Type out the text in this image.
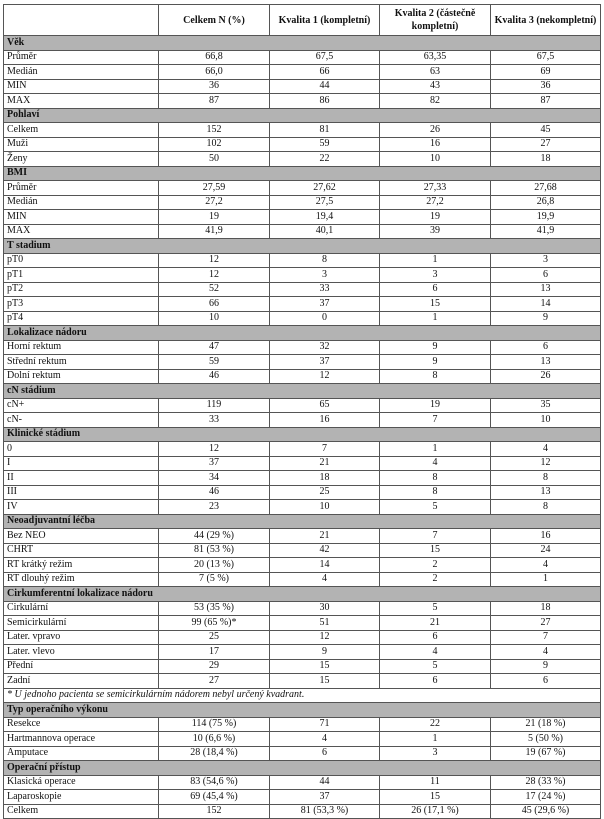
	Celkem N (%)	Kvalita 1 (kompletní)	Kvalita 2 (částečně kompletní)	Kvalita 3 (nekompletní)
Věk				
Průměr	66,8	67,5	63,35	67,5
Medián	66,0	66	63	69
MIN	36	44	43	36
MAX	87	86	82	87
Pohlaví				
Celkem	152	81	26	45
Muži	102	59	16	27
Ženy	50	22	10	18
BMI				
Průměr	27,59	27,62	27,33	27,68
Medián	27,2	27,5	27,2	26,8
MIN	19	19,4	19	19,9
MAX	41,9	40,1	39	41,9
T stadium				
pT0	12	8	1	3
pT1	12	3	3	6
pT2	52	33	6	13
pT3	66	37	15	14
pT4	10	0	1	9
Lokalizace nádoru				
Horní rektum	47	32	9	6
Střední rektum	59	37	9	13
Dolní rektum	46	12	8	26
cN stádium				
cN+	119	65	19	35
cN-	33	16	7	10
Klinické stádium				
0	12	7	1	4
I	37	21	4	12
II	34	18	8	8
III	46	25	8	13
IV	23	10	5	8
Neoadjuvantní léčba				
Bez NEO	44 (29 %)	21	7	16
CHRT	81 (53 %)	42	15	24
RT krátký režim	20 (13 %)	14	2	4
RT dlouhý režim	7 (5 %)	4	2	1
Cirkumferentní lokalizace nádoru				
Cirkulární	53 (35 %)	30	5	18
Semicirkulární	99 (65 %)*	51	21	27
Later. vpravo	25	12	6	7
Later. vlevo	17	9	4	4
Přední	29	15	5	9
Zadní	27	15	6	6
* U jednoho pacienta se semicirkulárním nádorem nebyl určený kvadrant.				
Typ operačního výkonu				
Resekce	114 (75 %)	71	22	21 (18 %)
Hartmannova operace	10 (6,6 %)	4	1	5 (50 %)
Amputace	28 (18,4 %)	6	3	19 (67 %)
Operační přístup				
Klasická operace	83 (54,6 %)	44	11	28 (33 %)
Laparoskopie	69 (45,4 %)	37	15	17 (24 %)
Celkem	152	81 (53,3 %)	26 (17,1 %)	45 (29,6 %)
